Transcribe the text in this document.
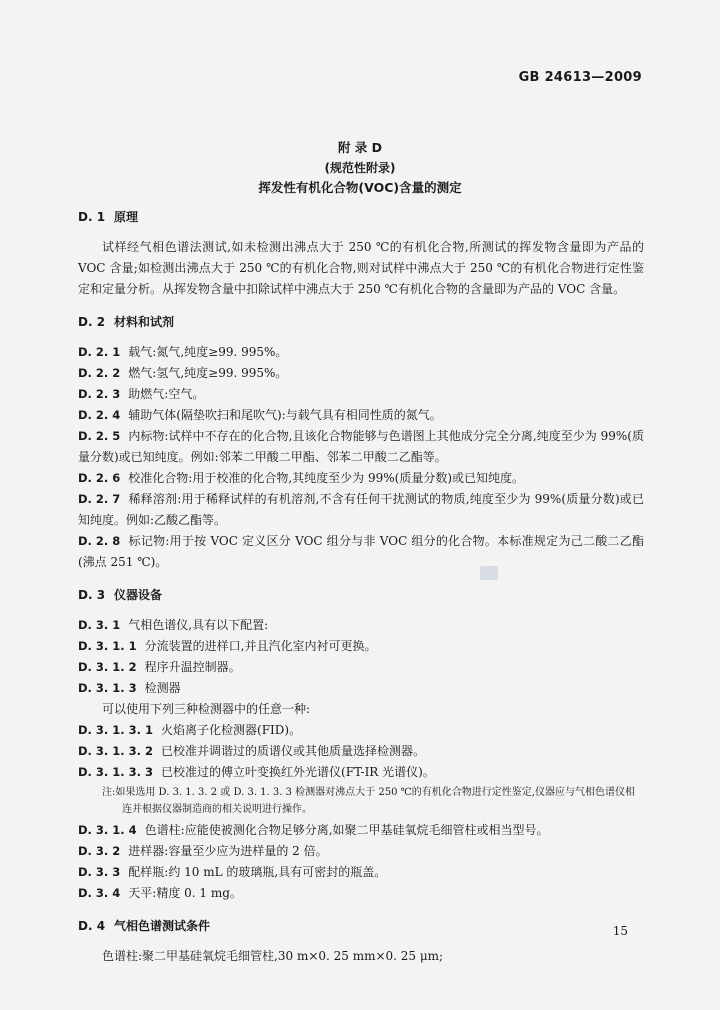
GB 24613—2009
附 录 D
(规范性附录)
挥发性有机化合物(VOC)含量的测定
D. 1 原理

试样经气相色谱法测试,如未检测出沸点大于 250 ℃的有机化合物,所测试的挥发物含量即为产品的 VOC 含量;如检测出沸点大于 250 ℃的有机化合物,则对试样中沸点大于 250 ℃的有机化合物进行定性鉴定和定量分析。从挥发物含量中扣除试样中沸点大于 250 ℃有机化合物的含量即为产品的 VOC 含量。

D. 2 材料和试剂
D. 2. 1 载气:氮气,纯度≥99. 995%。
D. 2. 2 燃气:氢气,纯度≥99. 995%。
D. 2. 3 助燃气:空气。
D. 2. 4 辅助气体(隔垫吹扫和尾吹气):与载气具有相同性质的氮气。
D. 2. 5 内标物:试样中不存在的化合物,且该化合物能够与色谱图上其他成分完全分离,纯度至少为 99%(质量分数)或已知纯度。例如:邻苯二甲酸二甲酯、邻苯二甲酸二乙酯等。
D. 2. 6 校准化合物:用于校准的化合物,其纯度至少为 99%(质量分数)或已知纯度。
D. 2. 7 稀释溶剂:用于稀释试样的有机溶剂,不含有任何干扰测试的物质,纯度至少为 99%(质量分数)或已知纯度。例如:乙酸乙酯等。
D. 2. 8 标记物:用于按 VOC 定义区分 VOC 组分与非 VOC 组分的化合物。本标准规定为己二酸二乙酯(沸点 251 ℃)。
D. 3 仪器设备
D. 3. 1 气相色谱仪,具有以下配置:
D. 3. 1. 1 分流装置的进样口,并且汽化室内衬可更换。
D. 3. 1. 2 程序升温控制器。
D. 3. 1. 3 检测器
可以使用下列三种检测器中的任意一种:
D. 3. 1. 3. 1 火焰离子化检测器(FID)。
D. 3. 1. 3. 2 已校准并调谐过的质谱仪或其他质量选择检测器。
D. 3. 1. 3. 3 已校准过的傅立叶变换红外光谱仪(FT-IR 光谱仪)。
注:如果选用 D. 3. 1. 3. 2 或 D. 3. 1. 3. 3 检测器对沸点大于 250 ℃的有机化合物进行定性鉴定,仪器应与气相色谱仪相连并根据仪器制造商的相关说明进行操作。
D. 3. 1. 4 色谱柱:应能使被测化合物足够分离,如聚二甲基硅氧烷毛细管柱或相当型号。
D. 3. 2 进样器:容量至少应为进样量的 2 倍。
D. 3. 3 配样瓶:约 10 mL 的玻璃瓶,具有可密封的瓶盖。
D. 3. 4 天平:精度 0. 1 mg。
D. 4 气相色谱测试条件

色谱柱:聚二甲基硅氧烷毛细管柱,30 m×0. 25 mm×0. 25 μm;

15
